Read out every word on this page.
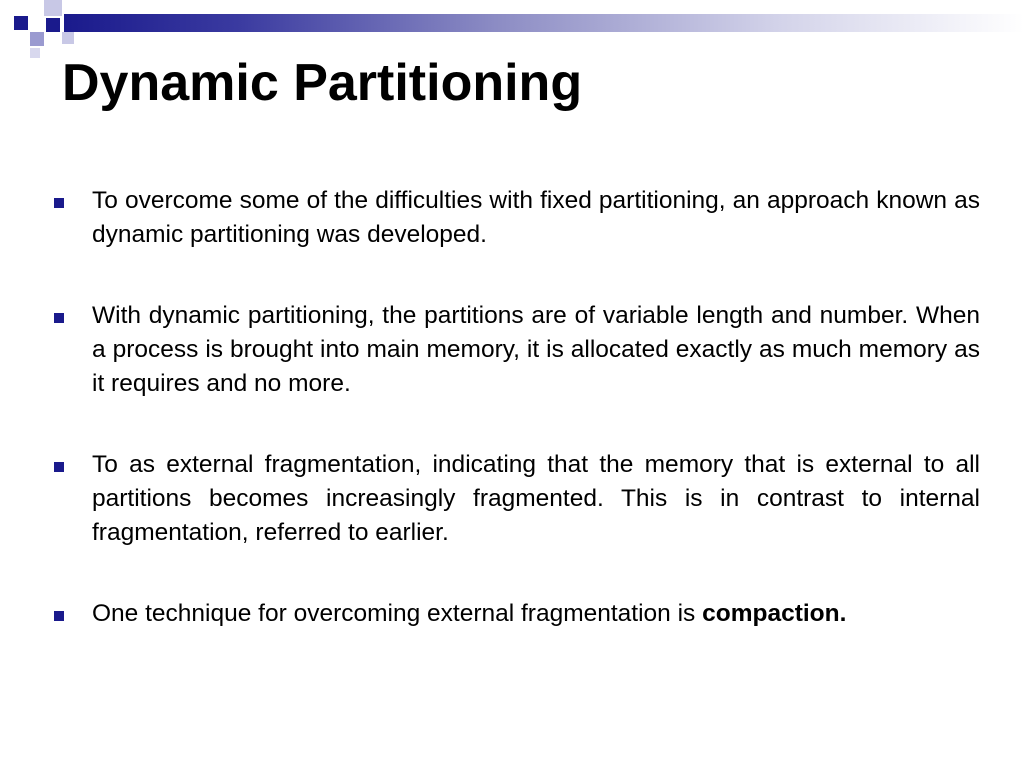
Dynamic Partitioning
To overcome some of the difficulties with fixed partitioning, an approach known as dynamic partitioning was developed.
With dynamic partitioning, the partitions are of variable length and number. When a process is brought into main memory, it is allocated exactly as much memory as it requires and no more.
To as external fragmentation, indicating that the memory that is external to all partitions becomes increasingly fragmented. This is in contrast to internal fragmentation, referred to earlier.
One technique for overcoming external fragmentation is compaction.
